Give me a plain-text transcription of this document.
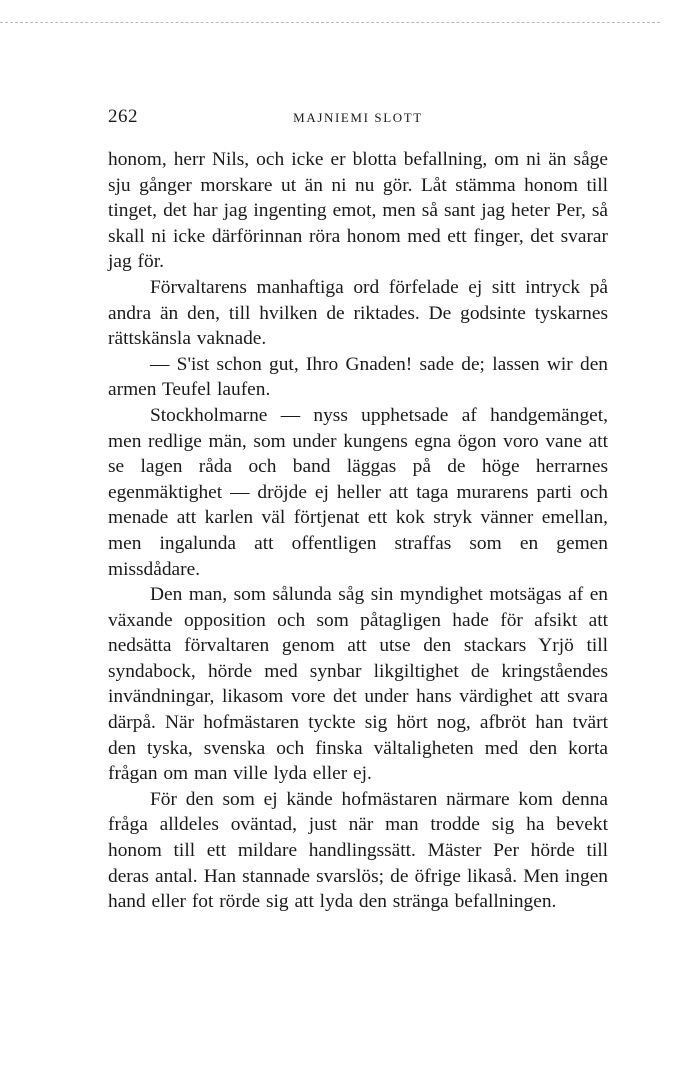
262	MAJNIEMI SLOTT

honom, herr Nils, och icke er blotta befallning, om ni än såge sju gånger morskare ut än ni nu gör. Låt stämma honom till tinget, det har jag ingenting emot, men så sant jag heter Per, så skall ni icke därförinnan röra honom med ett finger, det svarar jag för.

Förvaltarens manhaftiga ord förfelade ej sitt intryck på andra än den, till hvilken de riktades. De godsinte tyskarnes rättskänsla vaknade.

— S'ist schon gut, Ihro Gnaden! sade de; lassen wir den armen Teufel laufen.

Stockholmarne — nyss upphetsade af handgemänget, men redlige män, som under kungens egna ögon voro vane att se lagen råda och band läggas på de höge herrarnes egenmäktighet — dröjde ej heller att taga murarens parti och menade att karlen väl förtjenat ett kok stryk vänner emellan, men ingalunda att offentligen straffas som en gemen missdådare.

Den man, som sålunda såg sin myndighet motsägas af en växande opposition och som påtagligen hade för afsikt att nedsätta förvaltaren genom att utse den stackars Yrjö till syndabock, hörde med synbar likgiltighet de kringståendes invändningar, likasom vore det under hans värdighet att svara därpå. När hofmästaren tyckte sig hört nog, afbröt han tvärt den tyska, svenska och finska vältaligheten med den korta frågan om man ville lyda eller ej.

För den som ej kände hofmästaren närmare kom denna fråga alldeles oväntad, just när man trodde sig ha bevekt honom till ett mildare handlingssätt. Mäster Per hörde till deras antal. Han stannade svarslös; de öfrige likaså. Men ingen hand eller fot rörde sig att lyda den stränga befallningen.
